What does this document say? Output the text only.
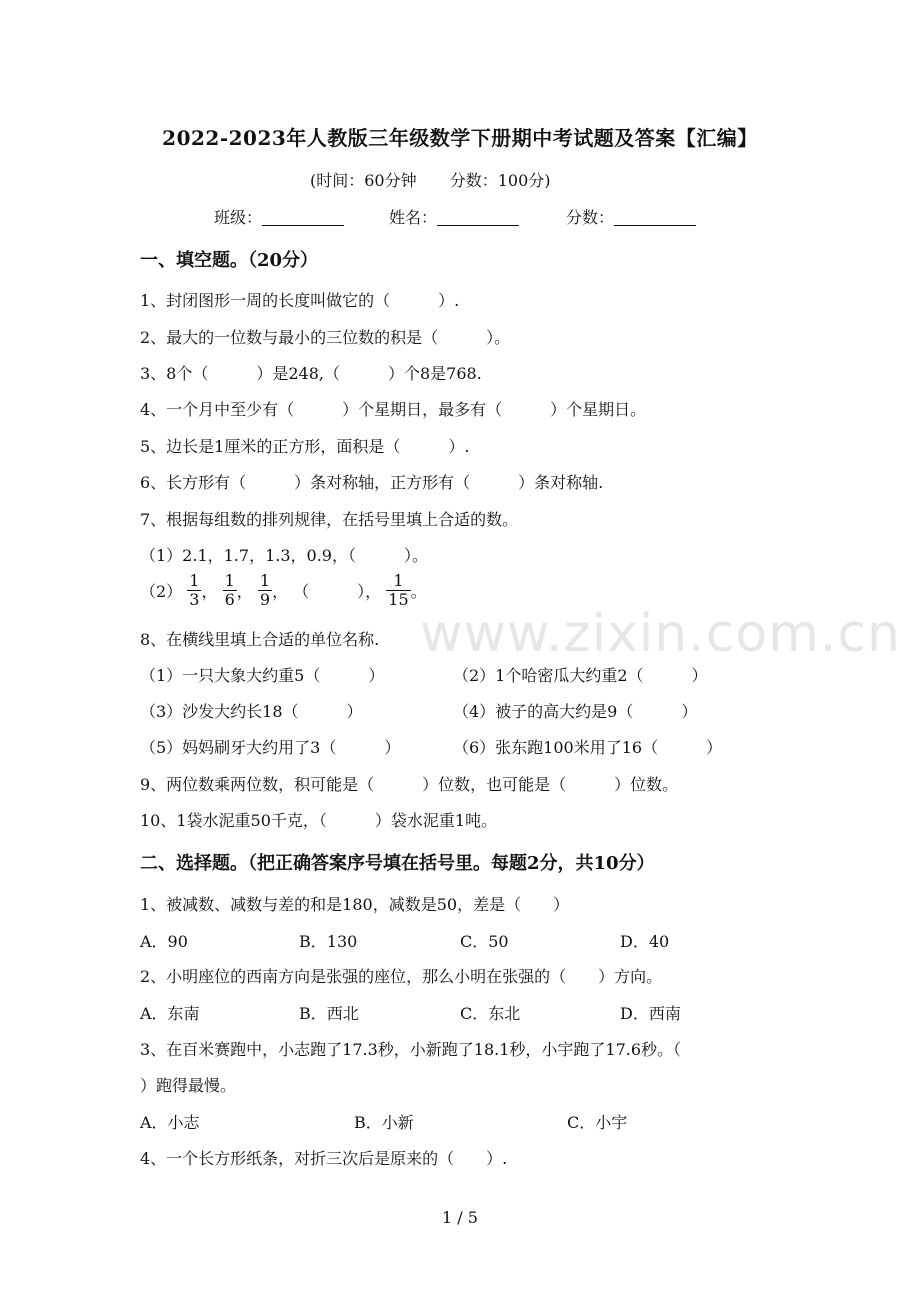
www.zixin.com.cn
2022-2023年人教版三年级数学下册期中考试题及答案【汇编】
(时间：60分钟 分数：100分)
班级：	姓名：	分数：
一、填空题。（20分）
1、封闭图形一周的长度叫做它的（　　　）.
2、最大的一位数与最小的三位数的积是（　　　）。
3、8个（　　　）是248,（　　　）个8是768.
4、一个月中至少有（　　　）个星期日，最多有（　　　）个星期日。
5、边长是1厘米的正方形，面积是（　　　）.
6、长方形有（　　　）条对称轴，正方形有（　　　）条对称轴.
7、根据每组数的排列规律，在括号里填上合适的数。
（1）2.1，1.7，1.3，0.9，（　　　）。
$(2) \frac{1}{3}$ ， $\frac{1}{6}$ ， $\frac{1}{9}$ ， （　　　）， $\frac{1}{15}$ 。
8、在横线里填上合适的单位名称.
（1）一只大象大约重5（　　　）	（2）1个哈密瓜大约重2（　　　）
（3）沙发大约长18（　　　）	（4）被子的高大约是9（　　　）
（5）妈妈刷牙大约用了3（　　　）	（6）张东跑100米用了16（　　　）
9、两位数乘两位数，积可能是（　　　）位数，也可能是（　　　）位数。
10、1袋水泥重50千克，（　　　）袋水泥重1吨。
二、选择题。（把正确答案序号填在括号里。每题2分，共10分）
1、被减数、减数与差的和是180，减数是50，差是（　　）
A．90	B．130	C．50	D．40
2、小明座位的西南方向是张强的座位，那么小明在张强的（　　）方向。
A．东南	B．西北	C．东北	D．西南
3、在百米赛跑中，小志跑了17.3秒，小新跑了18.1秒，小宇跑了17.6秒。（
）跑得最慢。
A．小志	B．小新	C．小宇
4、一个长方形纸条，对折三次后是原来的（　　）.
1 / 5
